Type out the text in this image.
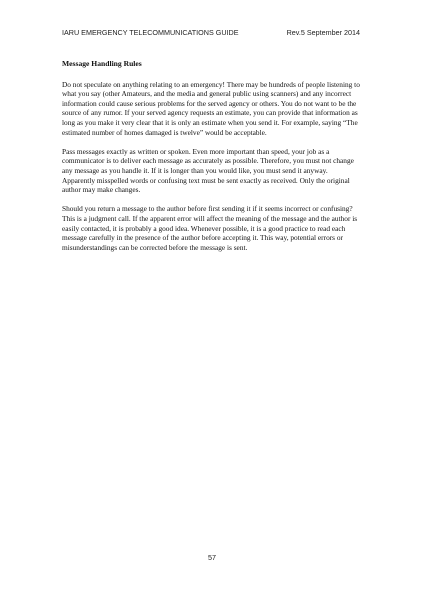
IARU EMERGENCY TELECOMMUNICATIONS GUIDE	Rev.5 September 2014
Message Handling Rules

Do not speculate on anything relating to an emergency! There may be hundreds of people listening to what you say (other Amateurs, and the media and general public using scanners) and any incorrect information could cause serious problems for the served agency or others. You do not want to be the source of any rumor. If your served agency requests an estimate, you can provide that information as long as you make it very clear that it is only an estimate when you send it. For example, saying “The estimated number of homes damaged is twelve” would be acceptable.

Pass messages exactly as written or spoken. Even more important than speed, your job as a communicator is to deliver each message as accurately as possible. Therefore, you must not change any message as you handle it. If it is longer than you would like, you must send it anyway. Apparently misspelled words or confusing text must be sent exactly as received. Only the original author may make changes.

Should you return a message to the author before first sending it if it seems incorrect or confusing? This is a judgment call. If the apparent error will affect the meaning of the message and the author is easily contacted, it is probably a good idea. Whenever possible, it is a good practice to read each message carefully in the presence of the author before accepting it. This way, potential errors or misunderstandings can be corrected before the message is sent.

57
